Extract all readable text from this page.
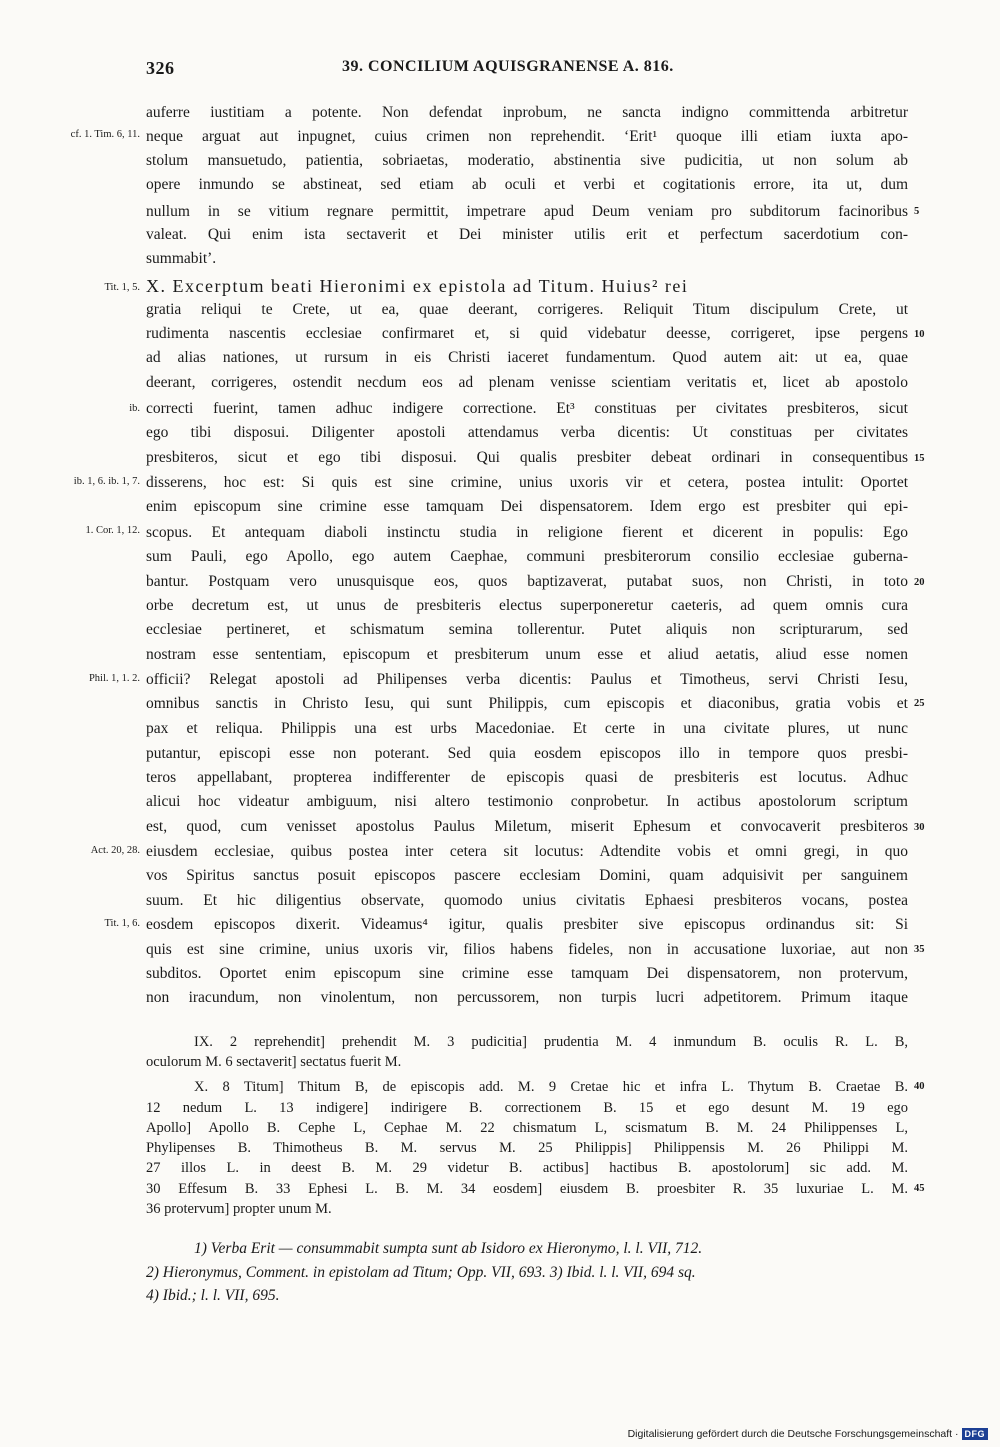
326	39. CONCILIUM AQUISGRANENSE A. 816.
auferre iustitiam a potente. Non defendat inprobum, ne sancta indigno committenda arbitretur
neque arguat aut inpugnet, cuius crimen non reprehendit. ‘Erit¹ quoque illi etiam iuxta apo-
stolum mansuetudo, patientia, sobriaetas, moderatio, abstinentia sive pudicitia, ut non solum ab
opere inmundo se abstineat, sed etiam ab oculi et verbi et cogitationis errore, ita ut, dum
nullum in se vitium regnare permittit, impetrare apud Deum veniam pro subditorum facinoribus
valeat. Qui enim ista sectaverit et Dei minister utilis erit et perfectum sacerdotium con-
summabit’.
X. Excerptum beati Hieronimi ex epistola ad Titum. Huius² rei
gratia reliqui te Crete, ut ea, quae deerant, corrigeres. Reliquit Titum discipulum Crete, ut
rudimenta nascentis ecclesiae confirmaret et, si quid videbatur deesse, corrigeret, ipse pergens
ad alias nationes, ut rursum in eis Christi iaceret fundamentum. Quod autem ait: ut ea, quae
deerant, corrigeres, ostendit necdum eos ad plenam venisse scientiam veritatis et, licet ab apostolo
correcti fuerint, tamen adhuc indigere correctione. Et³ constituas per civitates presbiteros, sicut
ego tibi disposui. Diligenter apostoli attendamus verba dicentis: Ut constituas per civitates
presbiteros, sicut et ego tibi disposui. Qui qualis presbiter debeat ordinari in consequentibus
disserens, hoc est: Si quis est sine crimine, unius uxoris vir et cetera, postea intulit: Oportet
enim episcopum sine crimine esse tamquam Dei dispensatorem. Idem ergo est presbiter qui epi-
scopus. Et antequam diaboli instinctu studia in religione fierent et dicerent in populis: Ego
sum Pauli, ego Apollo, ego autem Caephae, communi presbiterorum consilio ecclesiae guberna-
bantur. Postquam vero unusquisque eos, quos baptizaverat, putabat suos, non Christi, in toto
orbe decretum est, ut unus de presbiteris electus superponeretur caeteris, ad quem omnis cura
ecclesiae pertineret, et schismatum semina tollerentur. Putet aliquis non scripturarum, sed
nostram esse sententiam, episcopum et presbiterum unum esse et aliud aetatis, aliud esse nomen
officii? Relegat apostoli ad Philipenses verba dicentis: Paulus et Timotheus, servi Christi Iesu,
omnibus sanctis in Christo Iesu, qui sunt Philippis, cum episcopis et diaconibus, gratia vobis et
pax et reliqua. Philippis una est urbs Macedoniae. Et certe in una civitate plures, ut nunc
putantur, episcopi esse non poterant. Sed quia eosdem episcopos illo in tempore quos presbi-
teros appellabant, propterea indifferenter de episcopis quasi de presbiteris est locutus. Adhuc
alicui hoc videatur ambiguum, nisi altero testimonio conprobetur. In actibus apostolorum scriptum
est, quod, cum venisset apostolus Paulus Miletum, miserit Ephesum et convocaverit presbiteros
eiusdem ecclesiae, quibus postea inter cetera sit locutus: Adtendite vobis et omni gregi, in quo
vos Spiritus sanctus posuit episcopos pascere ecclesiam Domini, quam adquisivit per sanguinem
suum. Et hic diligentius observate, quomodo unius civitatis Ephaesi presbiteros vocans, postea
eosdem episcopos dixerit. Videamus⁴ igitur, qualis presbiter sive episcopus ordinandus sit: Si
quis est sine crimine, unius uxoris vir, filios habens fideles, non in accusatione luxoriae, aut non
subditos. Oportet enim episcopum sine crimine esse tamquam Dei dispensatorem, non protervum,
non iracundum, non vinolentum, non percussorem, non turpis lucri adpetitorem. Primum itaque
cf. 1. Tim. 6, 11.
Tit. 1, 5.
ib.
ib. 1, 6. ib. 1, 7.
1. Cor. 1, 12.
Phil. 1, 1. 2.
Act. 20, 28.
Tit. 1, 6.
5
10
15
20
25
30
35
IX. 2 reprehendit] prehendit M. 3 pudicitia] prudentia M. 4 inmundum B. oculis R. L. B,
oculorum M. 6 sectaverit] sectatus fuerit M.
X. 8 Titum] Thitum B, de episcopis add. M. 9 Cretae hic et infra L. Thytum B. Craetae B.
12 nedum L. 13 indigere] indirigere B. correctionem B. 15 et ego desunt M. 19 ego
Apollo] Apollo B. Cephe L, Cephae M. 22 chismatum L, scismatum B. M. 24 Philippenses L,
Phylipenses B. Thimotheus B. M. servus M. 25 Philippis] Philippensis M. 26 Philippi M.
27 illos L. in deest B. M. 29 videtur B. actibus] hactibus B. apostolorum] sic add. M.
30 Effesum B. 33 Ephesi L. B. M. 34 eosdem] eiusdem B. proesbiter R. 35 luxuriae L. M.
36 protervum] propter unum M.
40
45
1) Verba Erit — consummabit sumpta sunt ab Isidoro ex Hieronymo, l. l. VII, 712.
2) Hieronymus, Comment. in epistolam ad Titum; Opp. VII, 693. 3) Ibid. l. l. VII, 694 sq.
4) Ibid.; l. l. VII, 695.
Digitalisierung gefördert durch die Deutsche Forschungsgemeinschaft · DFG
